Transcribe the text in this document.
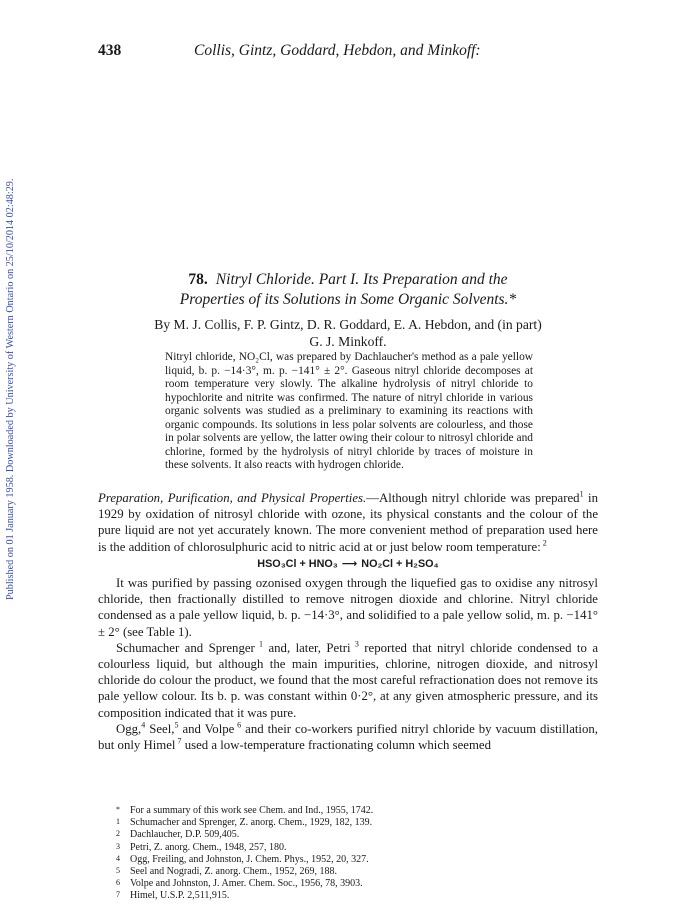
Published on 01 January 1958. Downloaded by University of Western Ontario on 25/10/2014 02:48:29.
438	Collis, Gintz, Goddard, Hebdon, and Minkoff:
78. Nitryl Chloride. Part I. Its Preparation and the
Properties of its Solutions in Some Organic Solvents.*
By M. J. Collis, F. P. Gintz, D. R. Goddard, E. A. Hebdon, and (in part)
G. J. Minkoff.
Nitryl chloride, NO₂Cl, was prepared by Dachlaucher's method as a pale yellow liquid, b. p. −14·3°, m. p. −141° ± 2°. Gaseous nitryl chloride decomposes at room temperature very slowly. The alkaline hydrolysis of nitryl chloride to hypochlorite and nitrite was confirmed. The nature of nitryl chloride in various organic solvents was studied as a preliminary to examining its reactions with organic compounds. Its solutions in less polar solvents are colourless, and those in polar solvents are yellow, the latter owing their colour to nitrosyl chloride and chlorine, formed by the hydrolysis of nitryl chloride by traces of moisture in these solvents. It also reacts with hydrogen chloride.

Preparation, Purification, and Physical Properties.—Although nitryl chloride was prepared$^1$ in 1929 by oxidation of nitrosyl chloride with ozone, its physical constants and the colour of the pure liquid are not yet accurately known. The more convenient method of preparation used here is the addition of chlorosulphuric acid to nitric acid at or just below room temperature: $^2$

HSO₃Cl + HNO₃ ⟶ NO₂Cl + H₂SO₄

It was purified by passing ozonised oxygen through the liquefied gas to oxidise any nitrosyl chloride, then fractionally distilled to remove nitrogen dioxide and chlorine. Nitryl chloride condensed as a pale yellow liquid, b. p. −14·3°, and solidified to a pale yellow solid, m. p. −141° ± 2° (see Table 1).

Schumacher and Sprenger $^1$ and, later, Petri $^3$ reported that nitryl chloride condensed to a colourless liquid, but although the main impurities, chlorine, nitrogen dioxide, and nitrosyl chloride do colour the product, we found that the most careful refractionation does not remove its pale yellow colour. Its b. p. was constant within 0·2°, at any given atmospheric pressure, and its composition indicated that it was pure.

Ogg,$^4$ Seel,$^5$ and Volpe $^6$ and their co-workers purified nitryl chloride by vacuum distillation, but only Himel $^7$ used a low-temperature fractionating column which seemed

* For a summary of this work see Chem. and Ind., 1955, 1742.
1 Schumacher and Sprenger, Z. anorg. Chem., 1929, 182, 139.
2 Dachlaucher, D.P. 509,405.
3 Petri, Z. anorg. Chem., 1948, 257, 180.
4 Ogg, Freiling, and Johnston, J. Chem. Phys., 1952, 20, 327.
5 Seel and Nogradi, Z. anorg. Chem., 1952, 269, 188.
6 Volpe and Johnston, J. Amer. Chem. Soc., 1956, 78, 3903.
7 Himel, U.S.P. 2,511,915.
